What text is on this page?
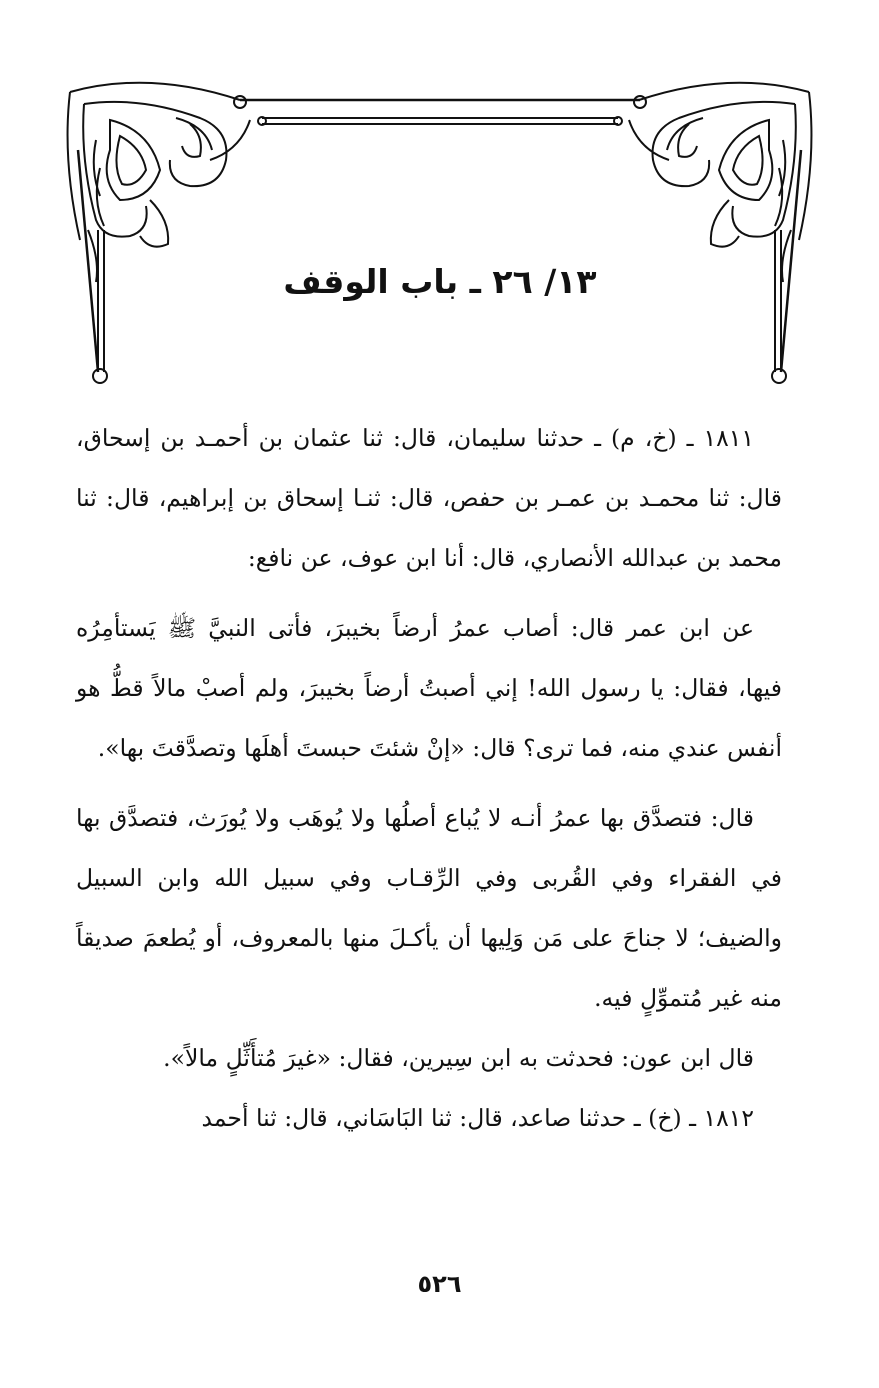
١٣/ ٢٦ ـ باب الوقف

١٨١١ ـ (خ، م) ـ حدثنا سليمان، قال: ثنا عثمان بن أحمـد بن إسحاق، قال: ثنا محمـد بن عمـر بن حفص، قال: ثنـا إسحاق بن إبراهيم، قال: ثنا محمد بن عبدالله الأنصاري، قال: أنا ابن عوف، عن نافع:

عن ابن عمر قال: أصاب عمرُ أرضاً بخيبرَ، فأتى النبيَّ ﷺ يَستأمِرُه فيها، فقال: يا رسول الله! إني أصبتُ أرضاً بخيبرَ، ولم أصبْ مالاً قطُّ هو أنفس عندي منه، فما ترى؟ قال: «إنْ شئتَ حبستَ أهلَها وتصدَّقتَ بها».

قال: فتصدَّق بها عمرُ أنـه لا يُباع أصلُها ولا يُوهَب ولا يُورَث، فتصدَّق بها في الفقراء وفي القُربى وفي الرِّقـاب وفي سبيل الله وابن السبيل والضيف؛ لا جناحَ على مَن وَلِيها أن يأكـلَ منها بالمعروف، أو يُطعمَ صديقاً منه غير مُتموِّلٍ فيه.

قال ابن عون: فحدثت به ابن سِيرين، فقال: «غيرَ مُتأَثِّلٍ مالاً».

١٨١٢ ـ (خ) ـ حدثنا صاعد، قال: ثنا البَاسَاني، قال: ثنا أحمد

٥٢٦
